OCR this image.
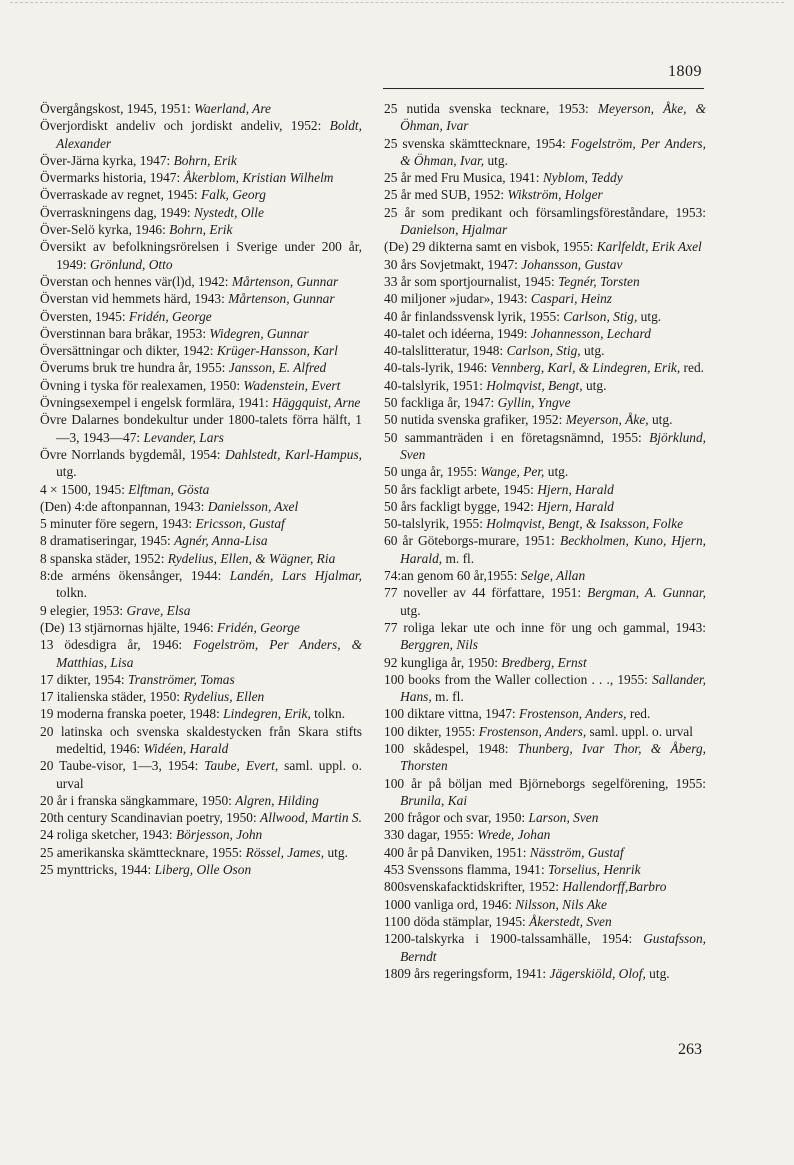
1809
Övergångskost, 1945, 1951: Waerland, Are
Överjordiskt andeliv och jordiskt andeliv, 1952: Boldt, Alexander
Över-Järna kyrka, 1947: Bohrn, Erik
Övermarks historia, 1947: Åkerblom, Kristian Wilhelm
Överraskade av regnet, 1945: Falk, Georg
Överraskningens dag, 1949: Nystedt, Olle
Över-Selö kyrka, 1946: Bohrn, Erik
Översikt av befolkningsrörelsen i Sverige under 200 år, 1949: Grönlund, Otto
Överstan och hennes vär(l)d, 1942: Mårtenson, Gunnar
Överstan vid hemmets härd, 1943: Mårtenson, Gunnar
Översten, 1945: Fridén, George
Överstinnan bara bråkar, 1953: Widegren, Gunnar
Översättningar och dikter, 1942: Krüger-Hansson, Karl
Överums bruk tre hundra år, 1955: Jansson, E. Alfred
Övning i tyska för realexamen, 1950: Wadenstein, Evert
Övningsexempel i engelsk formlära, 1941: Häggquist, Arne
Övre Dalarnes bondekultur under 1800-talets förra hälft, 1—3, 1943—47: Levander, Lars
Övre Norrlands bygdemål, 1954: Dahlstedt, Karl-Hampus, utg.
4 × 1500, 1945: Elftman, Gösta
(Den) 4:de aftonpannan, 1943: Danielsson, Axel
5 minuter före segern, 1943: Ericsson, Gustaf
8 dramatiseringar, 1945: Agnér, Anna-Lisa
8 spanska städer, 1952: Rydelius, Ellen, & Wägner, Ria
8:de arméns ökensånger, 1944: Landén, Lars Hjalmar, tolkn.
9 elegier, 1953: Grave, Elsa
(De) 13 stjärnornas hjälte, 1946: Fridén, George
13 ödesdigra år, 1946: Fogelström, Per Anders, & Matthias, Lisa
17 dikter, 1954: Tranströmer, Tomas
17 italienska städer, 1950: Rydelius, Ellen
19 moderna franska poeter, 1948: Lindegren, Erik, tolkn.
20 latinska och svenska skaldestycken från Skara stifts medeltid, 1946: Widéen, Harald
20 Taube-visor, 1—3, 1954: Taube, Evert, saml. uppl. o. urval
20 år i franska sängkammare, 1950: Algren, Hilding
20th century Scandinavian poetry, 1950: Allwood, Martin S.
24 roliga sketcher, 1943: Börjesson, John
25 amerikanska skämttecknare, 1955: Rössel, James, utg.
25 mynttricks, 1944: Liberg, Olle Oson
25 nutida svenska tecknare, 1953: Meyerson, Åke, & Öhman, Ivar
25 svenska skämttecknare, 1954: Fogelström, Per Anders, & Öhman, Ivar, utg.
25 år med Fru Musica, 1941: Nyblom, Teddy
25 år med SUB, 1952: Wikström, Holger
25 år som predikant och församlingsföreståndare, 1953: Danielson, Hjalmar
(De) 29 dikterna samt en visbok, 1955: Karlfeldt, Erik Axel
30 års Sovjetmakt, 1947: Johansson, Gustav
33 år som sportjournalist, 1945: Tegnér, Torsten
40 miljoner »judar», 1943: Caspari, Heinz
40 år finlandssvensk lyrik, 1955: Carlson, Stig, utg.
40-talet och idéerna, 1949: Johannesson, Lechard
40-talslitteratur, 1948: Carlson, Stig, utg.
40-tals-lyrik, 1946: Vennberg, Karl, & Lindegren, Erik, red.
40-talslyrik, 1951: Holmqvist, Bengt, utg.
50 fackliga år, 1947: Gyllin, Yngve
50 nutida svenska grafiker, 1952: Meyerson, Åke, utg.
50 sammanträden i en företagsnämnd, 1955: Björklund, Sven
50 unga år, 1955: Wange, Per, utg.
50 års fackligt arbete, 1945: Hjern, Harald
50 års fackligt bygge, 1942: Hjern, Harald
50-talslyrik, 1955: Holmqvist, Bengt, & Isaksson, Folke
60 år Göteborgs-murare, 1951: Beckholmen, Kuno, Hjern, Harald, m. fl.
74:an genom 60 år,1955: Selge, Allan
77 noveller av 44 författare, 1951: Bergman, A. Gunnar, utg.
77 roliga lekar ute och inne för ung och gammal, 1943: Berggren, Nils
92 kungliga år, 1950: Bredberg, Ernst
100 books from the Waller collection . . ., 1955: Sallander, Hans, m. fl.
100 diktare vittna, 1947: Frostenson, Anders, red.
100 dikter, 1955: Frostenson, Anders, saml. uppl. o. urval
100 skådespel, 1948: Thunberg, Ivar Thor, & Åberg, Thorsten
100 år på böljan med Björneborgs segelförening, 1955: Brunila, Kai
200 frågor och svar, 1950: Larson, Sven
330 dagar, 1955: Wrede, Johan
400 år på Danviken, 1951: Näsström, Gustaf
453 Svenssons flamma, 1941: Torselius, Henrik
800svenskafacktidskrifter, 1952: Hallendorff,Barbro
1000 vanliga ord, 1946: Nilsson, Nils Ake
1100 döda stämplar, 1945: Åkerstedt, Sven
1200-talskyrka i 1900-talssamhälle, 1954: Gustafsson, Berndt
1809 års regeringsform, 1941: Jägerskiöld, Olof, utg.
263
